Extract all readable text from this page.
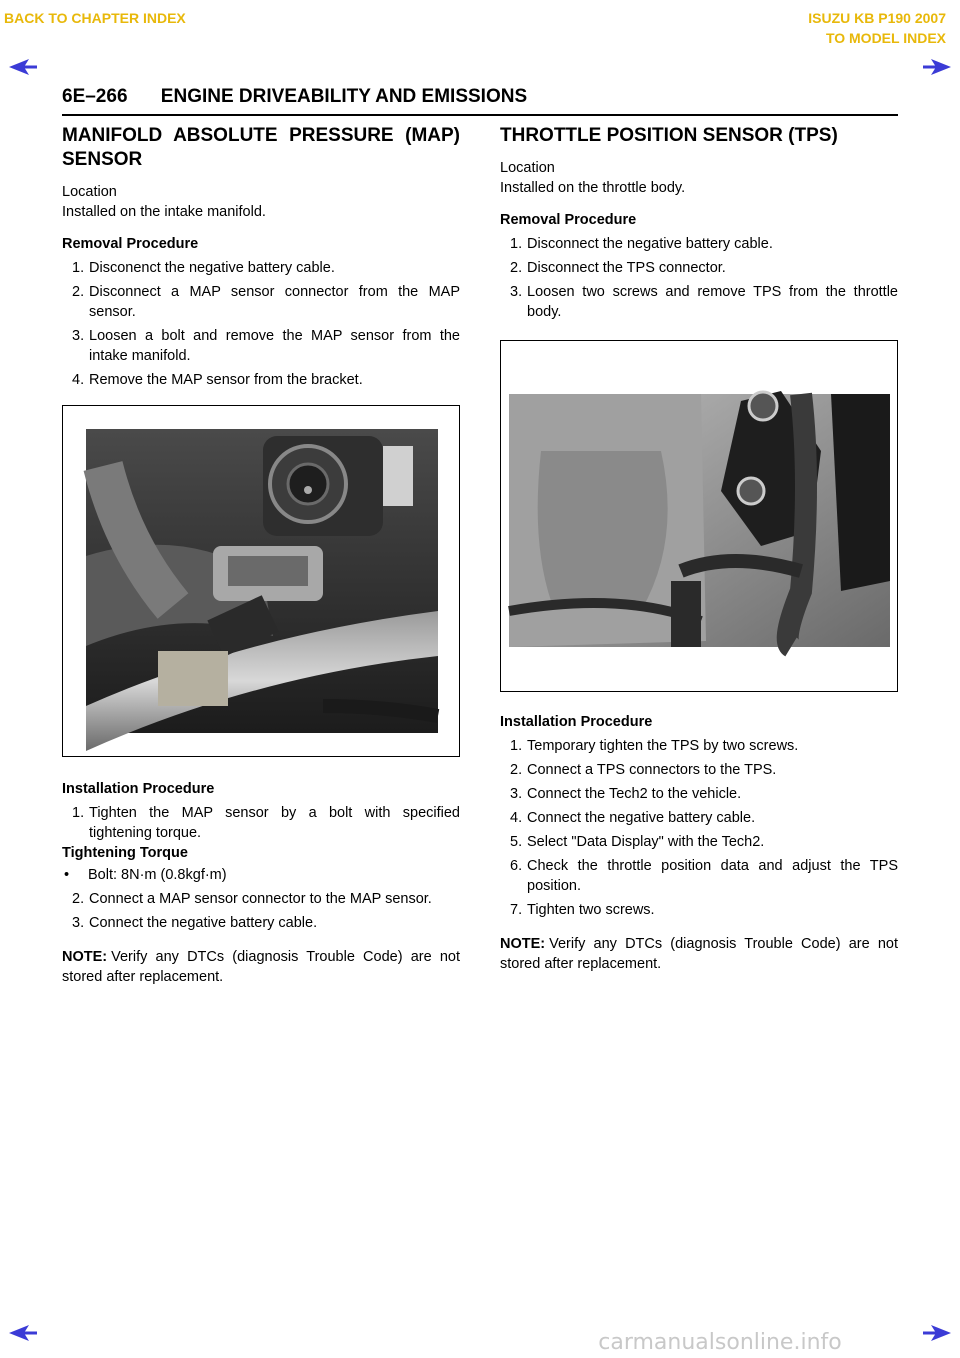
BACK TO CHAPTER INDEX	ISUZU KB P190 2007
TO MODEL INDEX
6E–266 ENGINE DRIVEABILITY AND EMISSIONS
MANIFOLD ABSOLUTE PRESSURE (MAP) SENSOR

Location

Installed on the intake manifold.

Removal Procedure

1. Disconenct the negative battery cable.
2. Disconnect a MAP sensor connector from the MAP sensor.
3. Loosen a bolt and remove the MAP sensor from the intake manifold.
4. Remove the MAP sensor from the bracket.

Installation Procedure

1. Tighten the MAP sensor by a bolt with specified tightening torque.

Tightening Torque

• Bolt: 8N·m (0.8kgf·m)
2. Connect a MAP sensor connector to the MAP sensor.
3. Connect the negative battery cable.

NOTE: Verify any DTCs (diagnosis Trouble Code) are not stored after replacement.

THROTTLE POSITION SENSOR (TPS)

Location

Installed on the throttle body.

Removal Procedure

1. Disconnect the negative battery cable.
2. Disconnect the TPS connector.
3. Loosen two screws and remove TPS from the throttle body.

Installation Procedure

1. Temporary tighten the TPS by two screws.
2. Connect a TPS connectors to the TPS.
3. Connect the Tech2 to the vehicle.
4. Connect the negative battery cable.
5. Select "Data Display" with the Tech2.
6. Check the throttle position data and adjust the TPS position.
7. Tighten two screws.

NOTE: Verify any DTCs (diagnosis Trouble Code) are not stored after replacement.

carmanualsonline.info
